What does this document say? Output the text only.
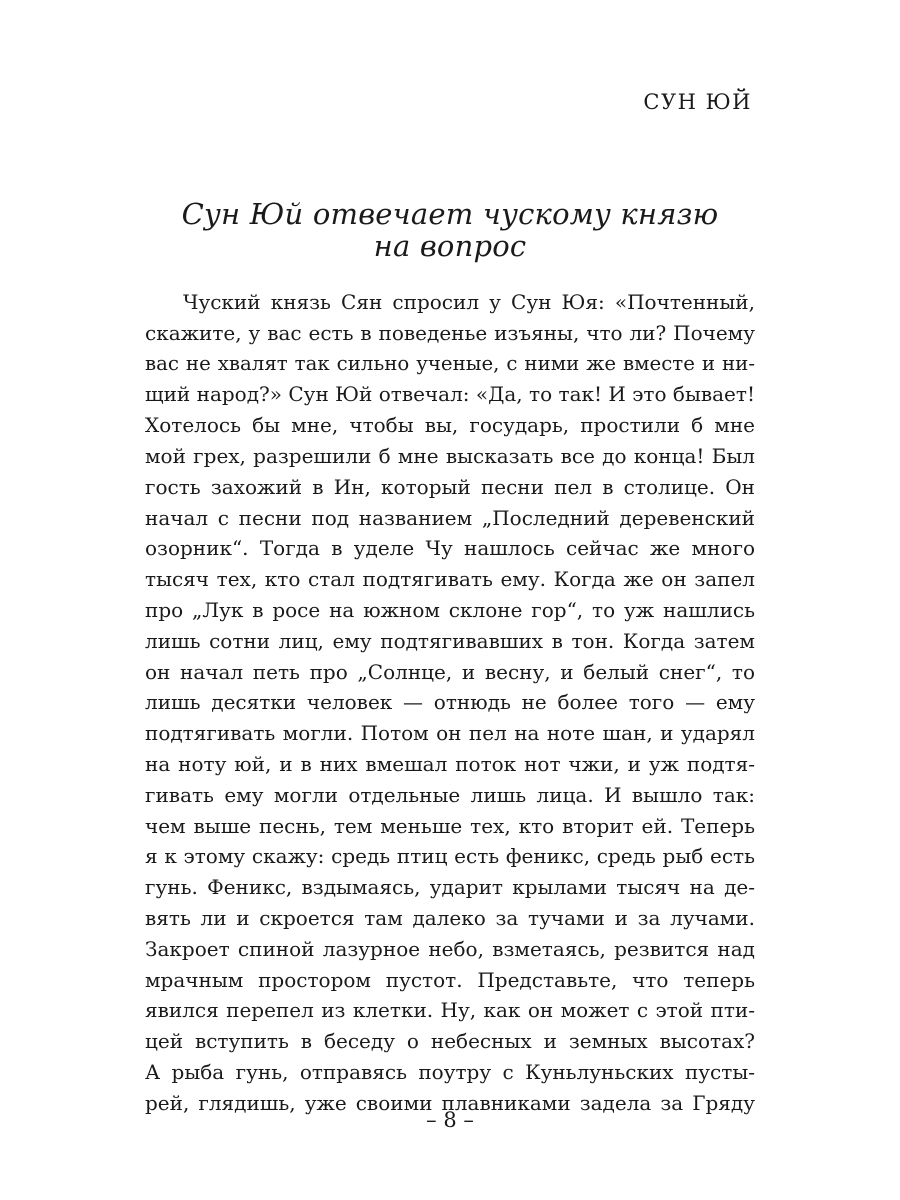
СУН ЮЙ
Сун Юй отвечает чускому князю
на вопрос
Чуский князь Сян спросил у Сун Юя: «Почтенный,
скажите, у вас есть в поведенье изъяны, что ли? Почему
вас не хвалят так сильно ученые, с ними же вместе и ни-
щий народ?» Сун Юй отвечал: «Да, то так! И это бывает!
Хотелось бы мне, чтобы вы, государь, простили б мне
мой грех, разрешили б мне высказать все до конца! Был
гость захожий в Ин, который песни пел в столице. Он
начал с песни под названием „Последний деревенский
озорник“. Тогда в уделе Чу нашлось сейчас же много
тысяч тех, кто стал подтягивать ему. Когда же он запел
про „Лук в росе на южном склоне гор“, то уж нашлись
лишь сотни лиц, ему подтягивавших в тон. Когда затем
он начал петь про „Солнце, и весну, и белый снег“, то
лишь десятки человек — отнюдь не более того — ему
подтягивать могли. Потом он пел на ноте шан, и ударял
на ноту юй, и в них вмешал поток нот чжи, и уж подтя-
гивать ему могли отдельные лишь лица. И вышло так:
чем выше песнь, тем меньше тех, кто вторит ей. Теперь
я к этому скажу: средь птиц есть феникс, средь рыб есть
гунь. Феникс, вздымаясь, ударит крылами тысяч на де-
вять ли и скроется там далеко за тучами и за лучами.
Закроет спиной лазурное небо, взметаясь, резвится над
мрачным простором пустот. Представьте, что теперь
явился перепел из клетки. Ну, как он может с этой пти-
цей вступить в беседу о небесных и земных высотах?
А рыба гунь, отправясь поутру с Куньлуньских пусты-
рей, глядишь, уже своими плавниками задела за Гряду
– 8 –
